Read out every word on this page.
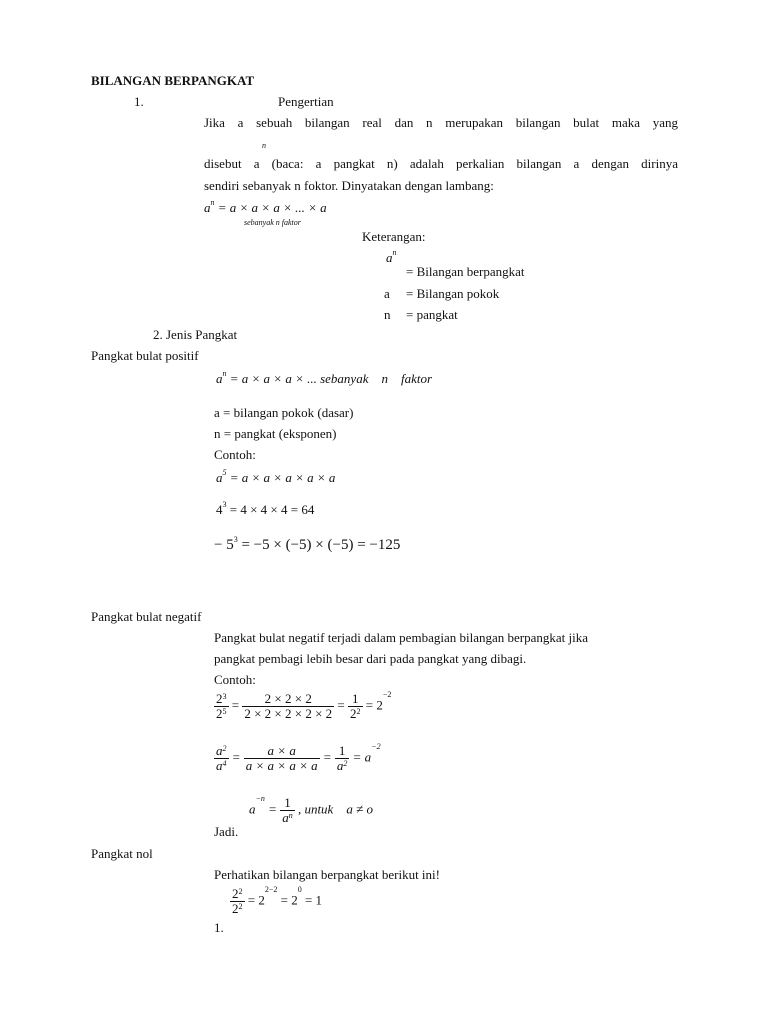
BILANGAN BERPANGKAT
1.	Pengertian
Jika a sebuah bilangan real dan n merupakan bilangan bulat maka yang
n
disebut a (baca: a pangkat n) adalah perkalian bilangan a dengan dirinya
sendiri sebanyak n foktor. Dinyatakan dengan lambang:
$a^n = a \times a \times a$ × ... × a
sebanyak n faktor
Keterangan:
$a^n$
= Bilangan berpangkat
a = Bilangan pokok
n = pangkat
2. Jenis Pangkat
Pangkat bulat positif
$a^n = a \times a \times a$ × ... sebanyak    n    faktor
a = bilangan pokok (dasar)
n = pangkat (eksponen)
Contoh:
$a^5 = a \times a \times a \times a \times a$
$4^3 = 4 \times 4 \times 4 = 64$
− $5^3 = -5 \times (-5) \times (-5) = -125$
Pangkat bulat negatif
Pangkat bulat negatif terjadi dalam pembagian bilangan berpangkat jika
pangkat pembagi lebih besar dari pada pangkat yang dibagi.
Contoh:
$\frac{2^3}{2^5} = \frac{2 \times 2 \times 2}{2 \times 2 \times 2 \times 2 \times 2} = \frac{1}{2^2} = 2^{-2}$
$\frac{a^2}{a^4} = \frac{a \times a}{a \times a \times a \times a} = \frac{1}{a^2} = a^{-2}$
$a^{-n} = \frac{1}{a^n}$ , untuk    a ≠ o
Jadi.
Pangkat nol
Perhatikan bilangan berpangkat berikut ini!
$\frac{2^2}{2^2} = 2^{2-2} = 2^0 = 1$
1.
